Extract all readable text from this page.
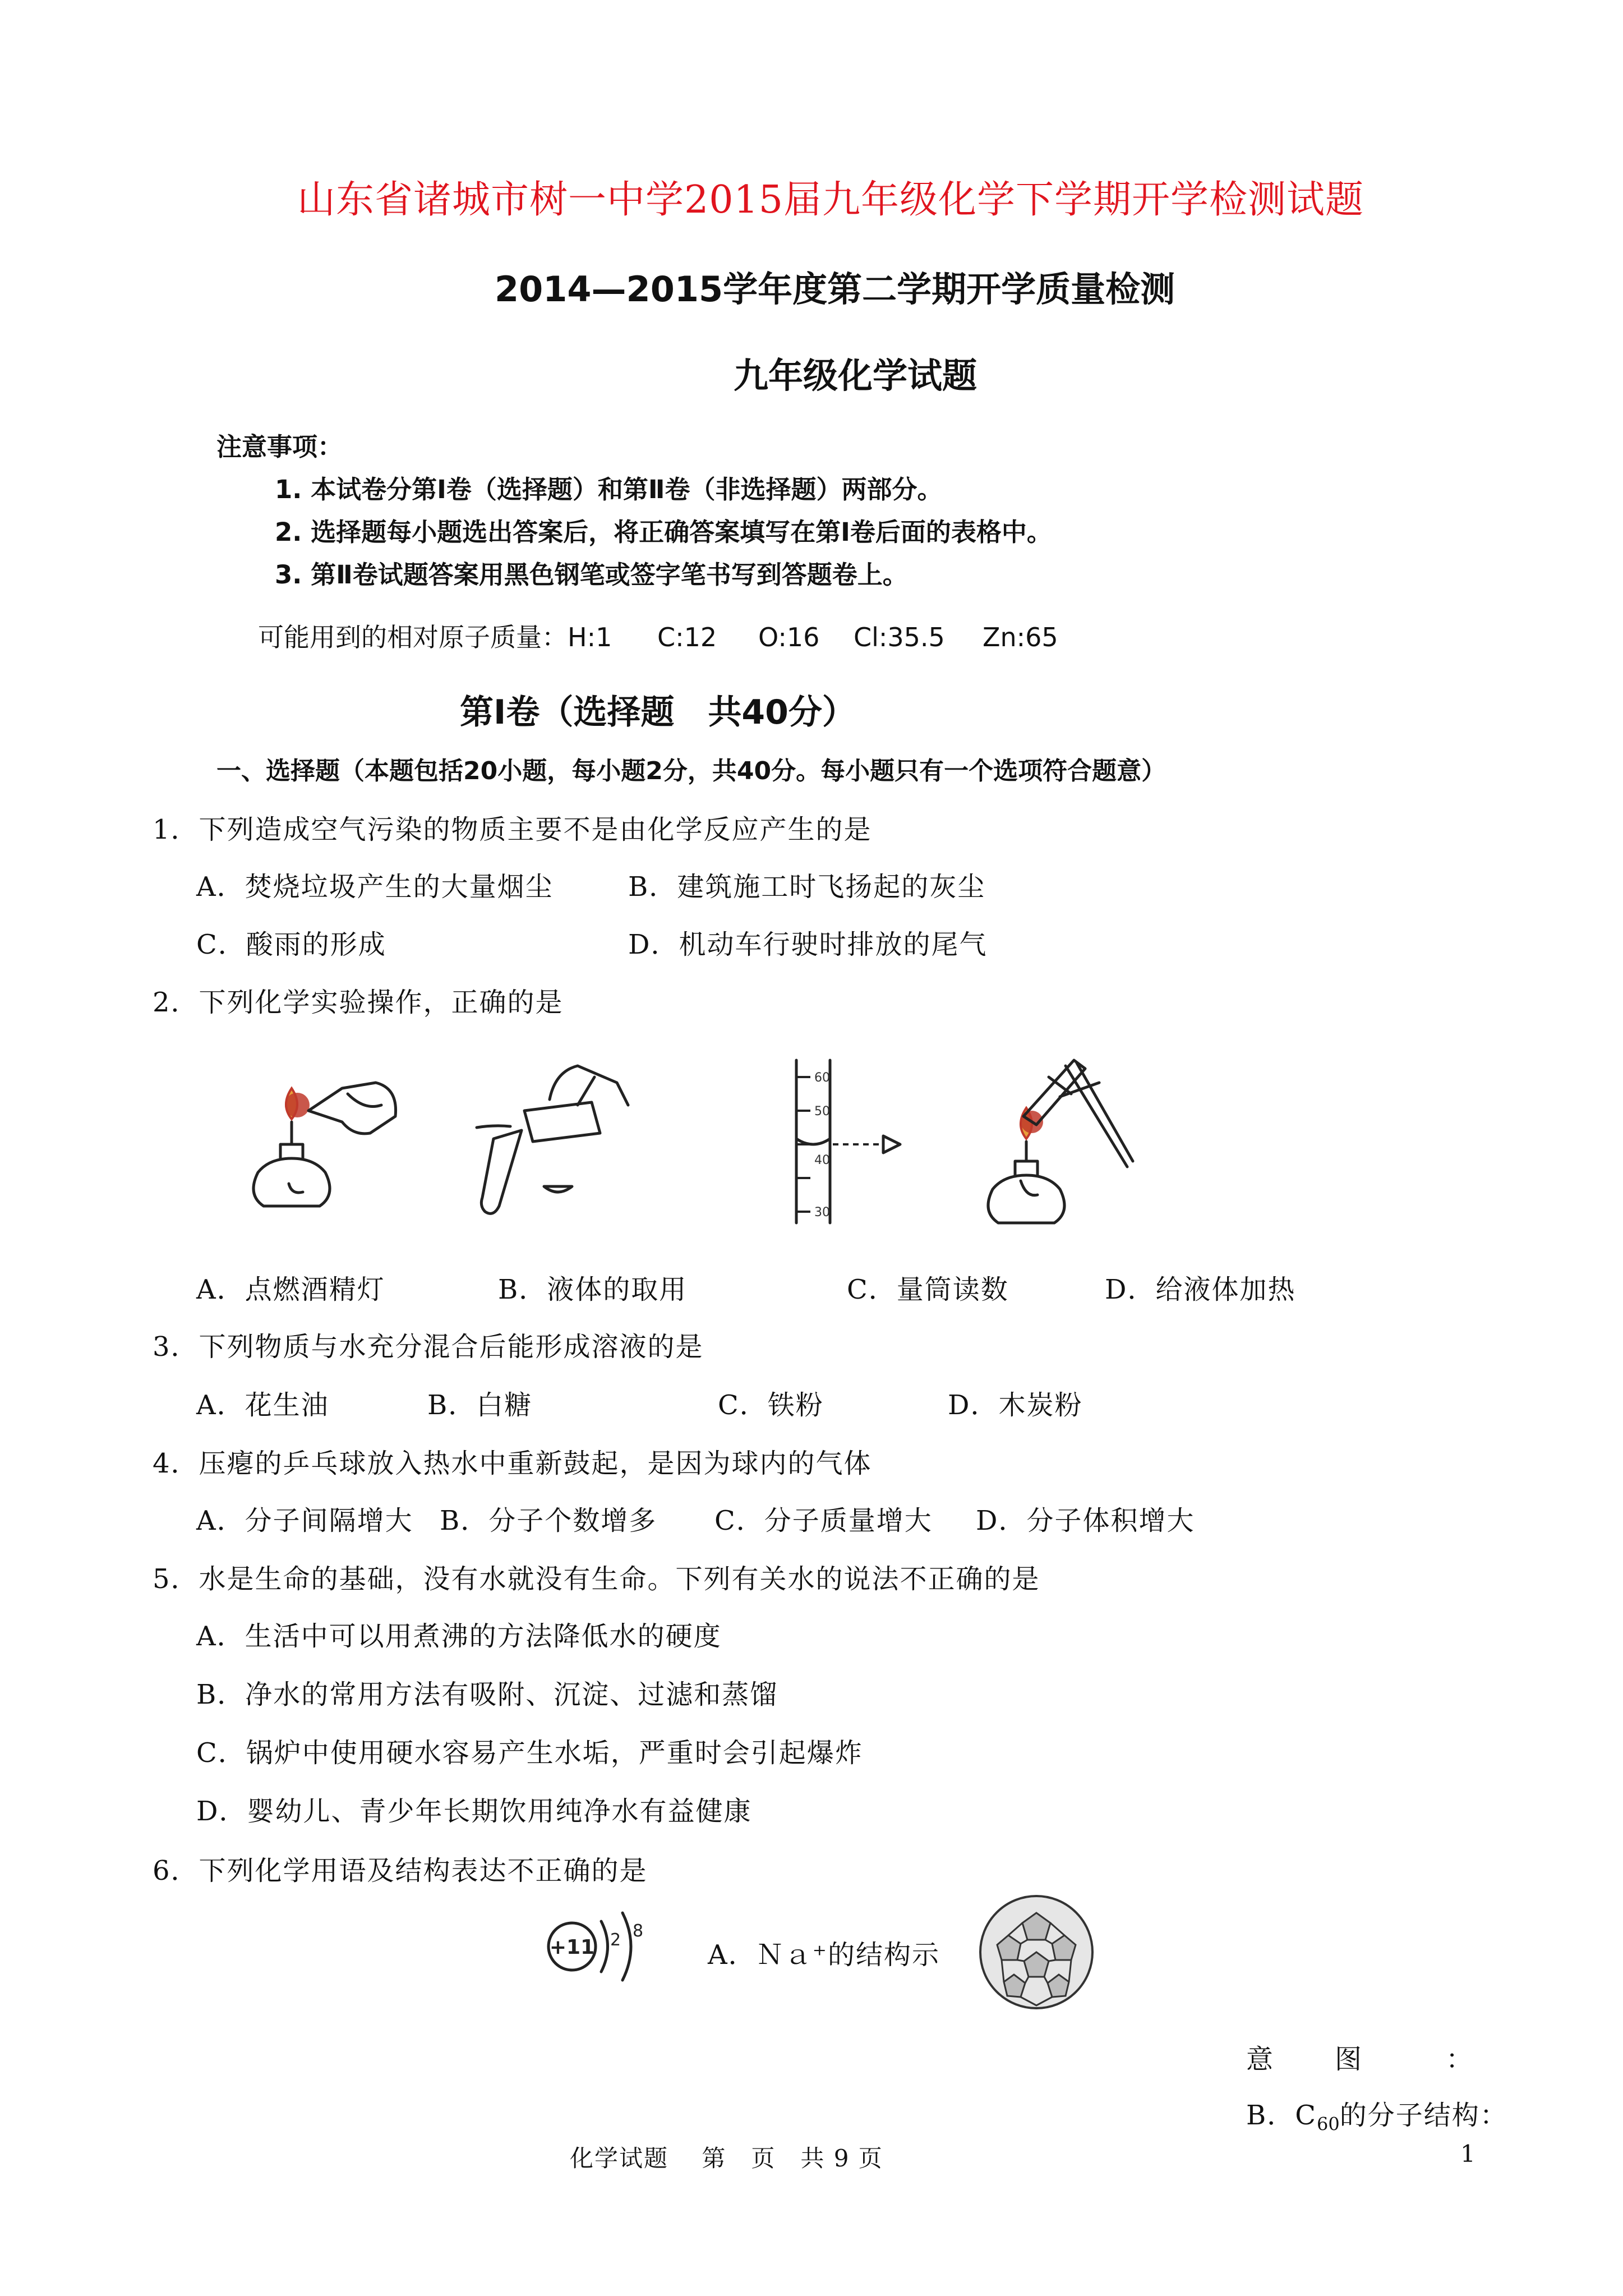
山东省诸城市树一中学2015届九年级化学下学期开学检测试题
2014—2015学年度第二学期开学质量检测
九年级化学试题
注意事项：
1. 本试卷分第Ⅰ卷（选择题）和第Ⅱ卷（非选择题）两部分。
2. 选择题每小题选出答案后，将正确答案填写在第Ⅰ卷后面的表格中。
3. 第Ⅱ卷试题答案用黑色钢笔或签字笔书写到答题卷上。
可能用到的相对原子质量：H:1 C:12 O:16 Cl:35.5 Zn:65
第Ⅰ卷（选择题　共40分）
一、选择题（本题包括20小题，每小题2分，共40分。每小题只有一个选项符合题意）
1．下列造成空气污染的物质主要不是由化学反应产生的是
A．焚烧垃圾产生的大量烟尘	B．建筑施工时飞扬起的灰尘
C．酸雨的形成	D．机动车行驶时排放的尾气
2．下列化学实验操作，正确的是
60
50
40
30
A．点燃酒精灯	B．液体的取用	C．量筒读数	D．给液体加热
3．下列物质与水充分混合后能形成溶液的是
A．花生油	B．白糖	C．铁粉	D．木炭粉
4．压瘪的乒乓球放入热水中重新鼓起，是因为球内的气体
A．分子间隔增大 B．分子个数增多 C．分子质量增大 D．分子体积增大
5．水是生命的基础，没有水就没有生命。下列有关水的说法不正确的是
A．生活中可以用煮沸的方法降低水的硬度
B．净水的常用方法有吸附、沉淀、过滤和蒸馏
C．锅炉中使用硬水容易产生水垢，严重时会引起爆炸
D．婴幼儿、青少年长期饮用纯净水有益健康
6．下列化学用语及结构表达不正确的是
+11 2 8
A．Ｎａ⁺的结构示
意 图	：
B．$C_{60}$的分子结构：
化学试题　 第　页　共 9 页	1
